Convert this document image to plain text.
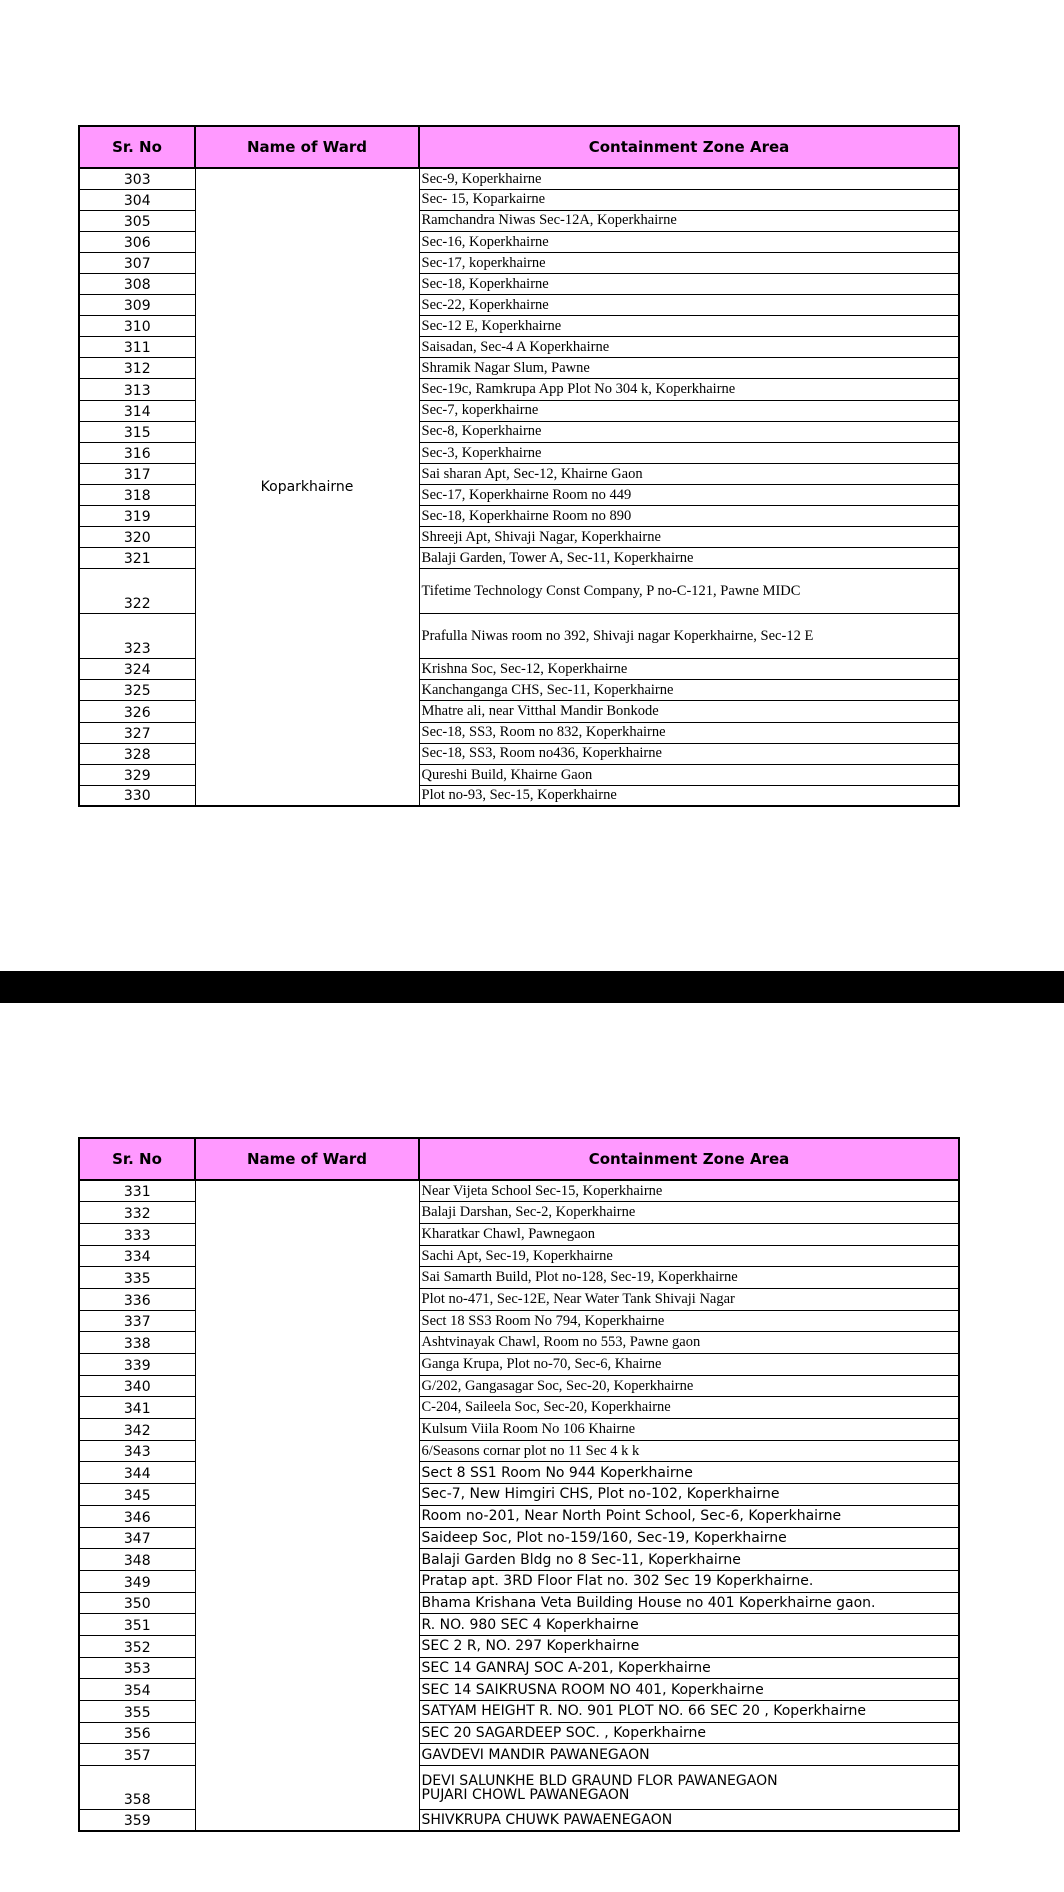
Sr. No	Name of Ward	Containment Zone Area
303	Koparkhairne	Sec-9, Koperkhairne
304		Sec- 15, Koparkairne
305		Ramchandra Niwas Sec-12A, Koperkhairne
306		Sec-16, Koperkhairne
307		Sec-17, koperkhairne
308		Sec-18, Koperkhairne
309		Sec-22, Koperkhairne
310		Sec-12 E, Koperkhairne
311		Saisadan, Sec-4 A Koperkhairne
312		Shramik Nagar Slum, Pawne
313		Sec-19c, Ramkrupa App Plot No 304 k, Koperkhairne
314		Sec-7, koperkhairne
315		Sec-8, Koperkhairne
316		Sec-3, Koperkhairne
317		Sai sharan Apt, Sec-12, Khairne Gaon
318		Sec-17, Koperkhairne Room no 449
319		Sec-18, Koperkhairne Room no 890
320		Shreeji Apt, Shivaji Nagar, Koperkhairne
321		Balaji Garden, Tower A, Sec-11, Koperkhairne
322		Tifetime Technology Const Company, P no-C-121, Pawne MIDC
323		Prafulla Niwas room no 392, Shivaji nagar Koperkhairne, Sec-12 E
324		Krishna Soc, Sec-12, Koperkhairne
325		Kanchanganga CHS, Sec-11, Koperkhairne
326		Mhatre ali, near Vitthal Mandir Bonkode
327		Sec-18, SS3, Room no 832, Koperkhairne
328		Sec-18, SS3, Room no436, Koperkhairne
329		Qureshi Build, Khairne Gaon
330		Plot no-93, Sec-15, Koperkhairne
Sr. No	Name of Ward	Containment Zone Area
331		Near Vijeta School Sec-15, Koperkhairne
332		Balaji Darshan, Sec-2, Koperkhairne
333		Kharatkar Chawl, Pawnegaon
334		Sachi Apt, Sec-19, Koperkhairne
335		Sai Samarth Build, Plot no-128, Sec-19, Koperkhairne
336		Plot no-471, Sec-12E, Near Water Tank Shivaji Nagar
337		Sect 18 SS3 Room No 794, Koperkhairne
338		Ashtvinayak Chawl, Room no 553, Pawne gaon
339		Ganga Krupa, Plot no-70, Sec-6, Khairne
340		G/202, Gangasagar Soc, Sec-20, Koperkhairne
341		C-204, Saileela Soc, Sec-20, Koperkhairne
342		Kulsum Viila Room No 106 Khairne
343		6/Seasons cornar plot no 11 Sec 4 k k
344		Sect 8 SS1 Room No 944 Koperkhairne
345		Sec-7, New Himgiri CHS, Plot no-102, Koperkhairne
346		Room no-201, Near North Point School, Sec-6, Koperkhairne
347		Saideep Soc, Plot no-159/160, Sec-19, Koperkhairne
348		Balaji Garden Bldg no 8 Sec-11, Koperkhairne
349		Pratap apt. 3RD Floor Flat no. 302 Sec 19 Koperkhairne.
350		Bhama Krishana Veta Building House no 401 Koperkhairne gaon.
351		R. NO. 980 SEC 4 Koperkhairne
352		SEC 2 R, NO. 297 Koperkhairne
353		SEC 14 GANRAJ SOC A-201, Koperkhairne
354		SEC 14 SAIKRUSNA ROOM NO 401, Koperkhairne
355		SATYAM HEIGHT R. NO. 901 PLOT NO. 66 SEC 20 , Koperkhairne
356		SEC 20 SAGARDEEP SOC. , Koperkhairne
357		GAVDEVI MANDIR PAWANEGAON
358		DEVI SALUNKHE BLD GRAUND FLOR PAWANEGAON
PUJARI CHOWL PAWANEGAON

359		SHIVKRUPA CHUWK PAWAENEGAON
